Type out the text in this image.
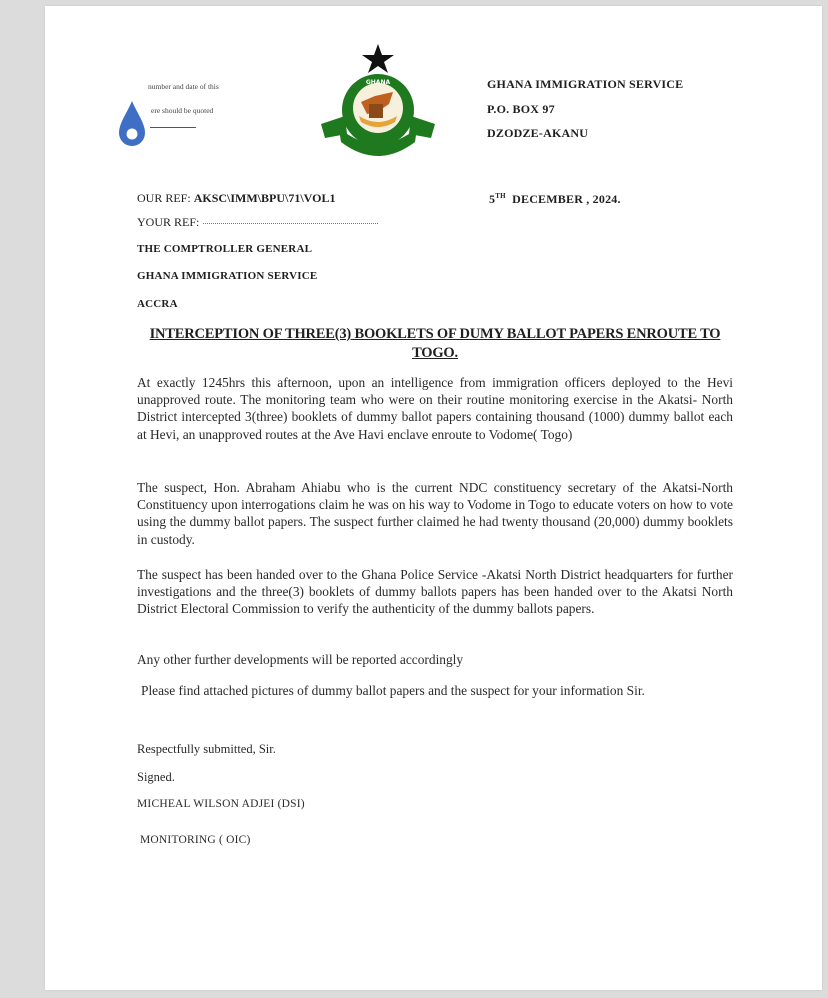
number and date of this
ere should be quoted
GHANA	GHANA IMMIGRATION SERVICE
P.O. BOX 97
DZODZE-AKANU
OUR REF: AKSC\IMM\BPU\71\VOL1
YOUR REF:
5TH DECEMBER , 2024.
THE COMPTROLLER GENERAL
GHANA IMMIGRATION SERVICE
ACCRA
INTERCEPTION OF THREE(3) BOOKLETS OF DUMY BALLOT PAPERS ENROUTE TO TOGO.
At exactly 1245hrs this afternoon, upon an intelligence from immigration officers deployed to the Hevi unapproved route. The monitoring team who were on their routine monitoring exercise in the Akatsi- North District intercepted 3(three) booklets of dummy ballot papers containing thousand (1000) dummy ballot each at Hevi, an unapproved routes at the Ave Havi enclave enroute to Vodome( Togo)
The suspect, Hon. Abraham Ahiabu who is the current NDC constituency secretary of the Akatsi-North Constituency upon interrogations claim he was on his way to Vodome in Togo to educate voters on how to vote using the dummy ballot papers. The suspect further claimed he had twenty thousand (20,000) dummy booklets in custody.
The suspect has been handed over to the Ghana Police Service -Akatsi North District headquarters for further investigations and the three(3) booklets of dummy ballots papers has been handed over to the Akatsi North District Electoral Commission to verify the authenticity of the dummy ballots papers.
Any other further developments will be reported accordingly
Please find attached pictures of dummy ballot papers and the suspect for your information Sir.
Respectfully submitted, Sir.
Signed.
MICHEAL WILSON ADJEI (DSI)
MONITORING ( OIC)
